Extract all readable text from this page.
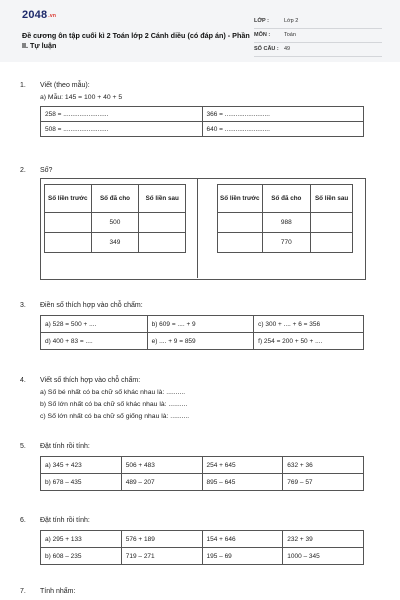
$2048^{.vn}$
Đề cương ôn tập cuối kì 2 Toán lớp 2 Cánh diều (có đáp án) - Phần II. Tự luận
LỚP :	Lớp 2
MÔN :	Toán
SỐ CÂU : 49
1. Viết (theo mẫu):
a) Mẫu: 145 = 100 + 40 + 5
258 = .........................	366 = .........................
508 = .........................	640 = .........................
2. Số?
Số liền trước	Số đã cho	Số liền sau
	500	
	349	
Số liền trước	Số đã cho	Số liền sau
	988	
	770	
3. Điền số thích hợp vào chỗ chấm:
a) 528 = 500 + ....	b) 609 = .... + 9	c) 300 + .... + 6 = 356
d) 400 + 83 = ....	e) .... + 9 = 859	f) 254 = 200 + 50 + ....
4. Viết số thích hợp vào chỗ chấm:
a) Số bé nhất có ba chữ số khác nhau là: ..........
b) Số lớn nhất có ba chữ số khác nhau là: ..........
c) Số lớn nhất có ba chữ số giống nhau là: ..........
5. Đặt tính rồi tính:
a) 345 + 423	506 + 483	254 + 645	632 + 36
b) 678 – 435	489 – 207	895 – 645	769 – 57
6. Đặt tính rồi tính:
a) 295 + 133	576 + 189	154 + 646	232 + 39
b) 608 – 235	719 – 271	195 – 69	1000 – 345
7. Tính nhẩm:
